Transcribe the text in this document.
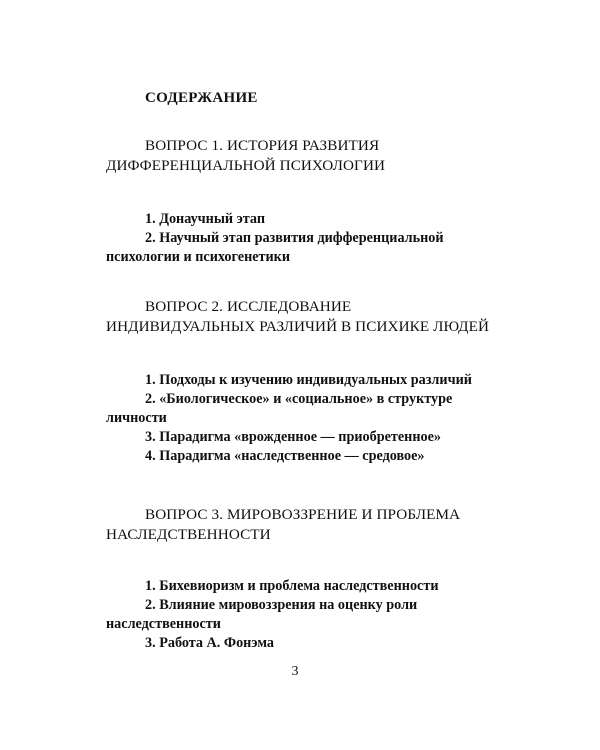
СОДЕРЖАНИЕ

ВОПРОС 1. ИСТОРИЯ РАЗВИТИЯ
ДИФФЕРЕНЦИАЛЬНОЙ ПСИХОЛОГИИ

1. Донаучный этап
2. Научный этап развития дифференциальной психологии и психогенетики

ВОПРОС 2. ИССЛЕДОВАНИЕ
ИНДИВИДУАЛЬНЫХ РАЗЛИЧИЙ В ПСИХИКЕ ЛЮДЕЙ

1. Подходы к изучению индивидуальных различий
2. «Биологическое» и «социальное» в структуре личности
3. Парадигма «врожденное — приобретенное»
4. Парадигма «наследственное — средовое»

ВОПРОС 3. МИРОВОЗЗРЕНИЕ И ПРОБЛЕМА
НАСЛЕДСТВЕННОСТИ

1. Бихевиоризм и проблема наследственности
2. Влияние мировоззрения на оценку роли наследственности
3. Работа А. Фонэма

3
